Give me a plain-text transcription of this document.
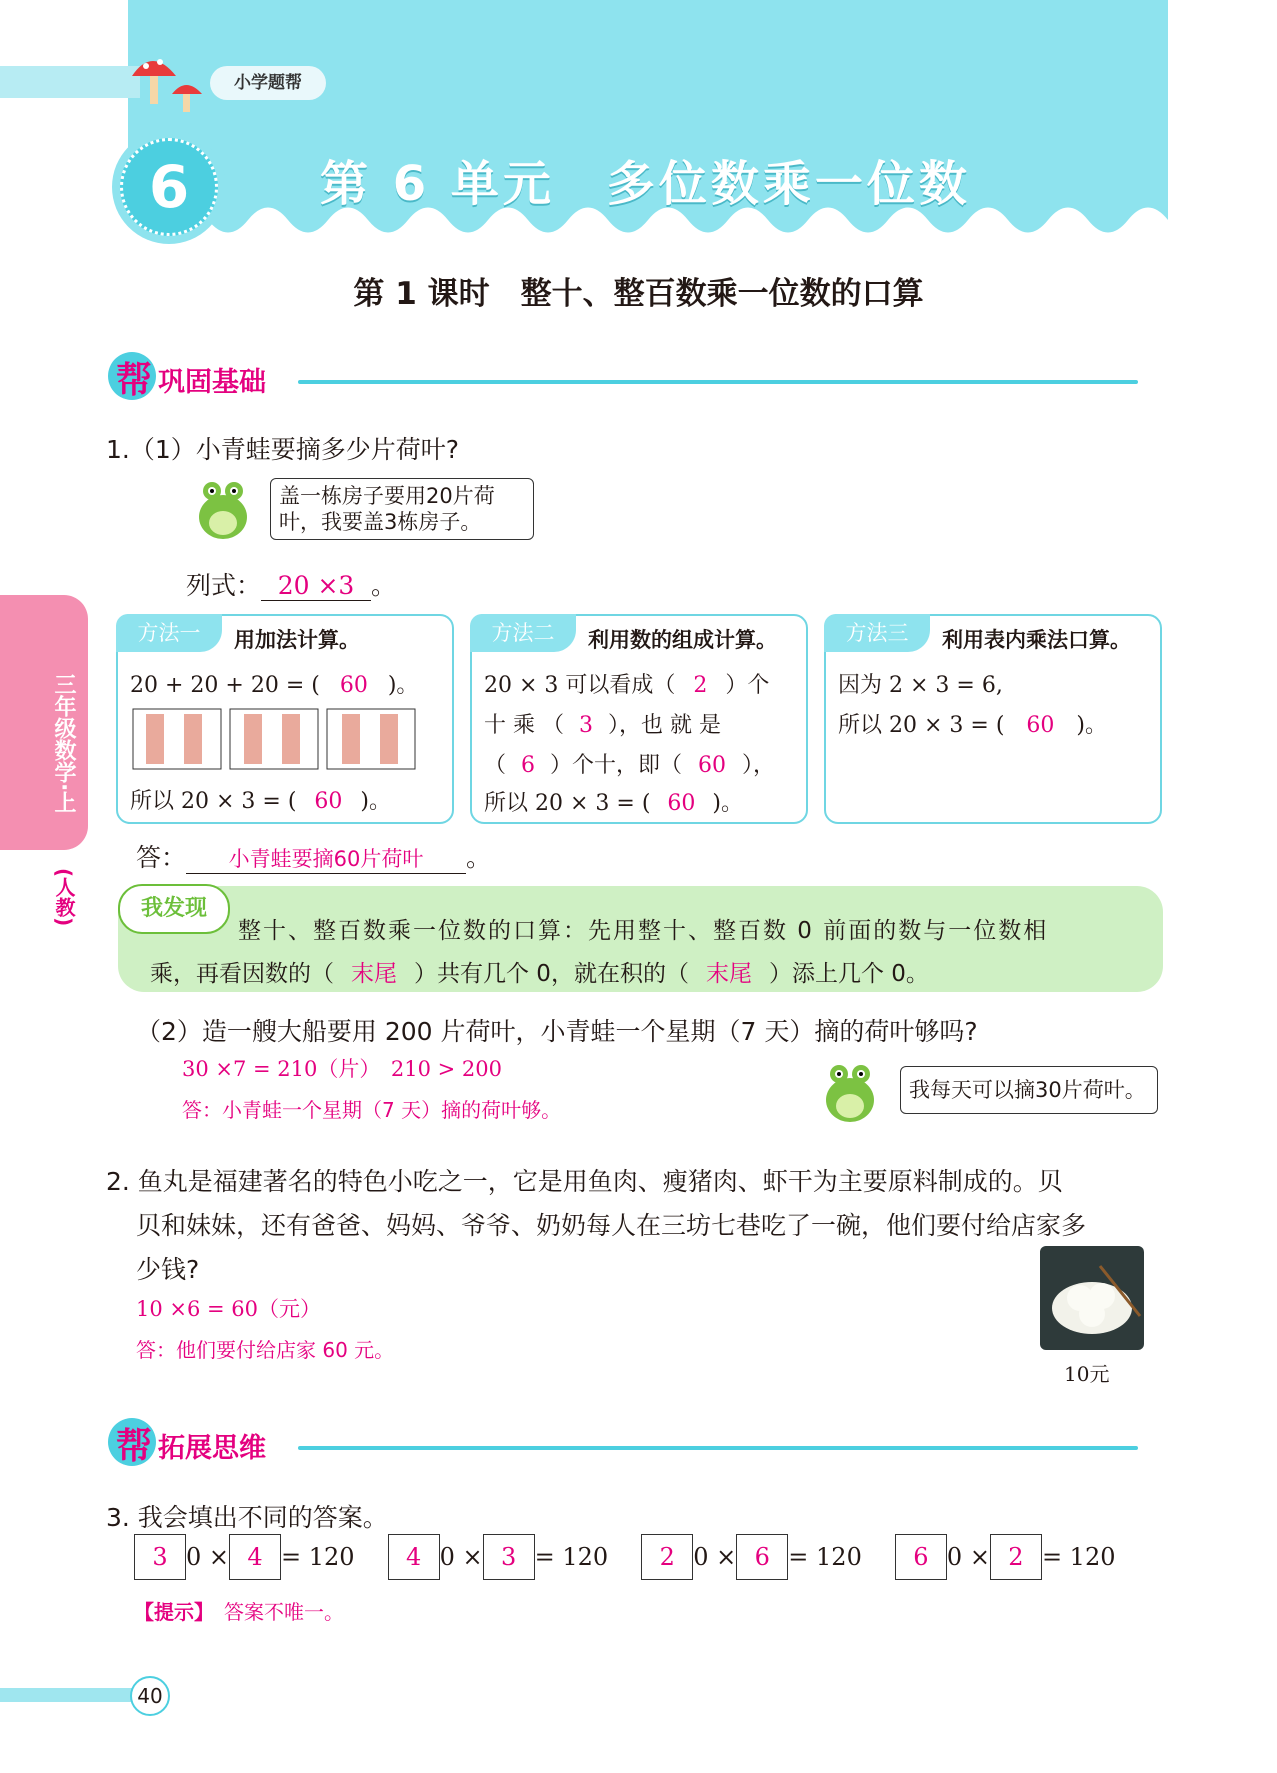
小学题帮
6	第 6 单元　多位数乘一位数
第 1 课时　整十、整百数乘一位数的口算
三年级数学·上
(人教)
帮 巩固基础
1.（1）小青蛙要摘多少片荷叶?
盖一栋房子要用20片荷叶，我要盖3栋房子。
列式： 20 ×3 。
方法一	用加法计算。
20 + 20 + 20 = ( 60 )。
所以 20 × 3 = ( 60 )。
方法二	利用数的组成计算。
20 × 3 可以看成（ 2 ）个
十 乘 （ 3 ），也 就 是
（ 6 ）个十，即（ 60 ），
所以 20 × 3 = ( 60 )。
方法三	利用表内乘法口算。
因为 2 × 3 = 6,
所以 20 × 3 = ( 60 )。
答： 小青蛙要摘60片荷叶 。
我发现
整十、整百数乘一位数的口算：先用整十、整百数 0 前面的数与一位数相
乘，再看因数的（ 末尾 ）共有几个 0，就在积的（ 末尾 ）添上几个 0。
（2）造一艘大船要用 200 片荷叶，小青蛙一个星期（7 天）摘的荷叶够吗?
30 ×7 = 210（片）　210 > 200
答：小青蛙一个星期（7 天）摘的荷叶够。
我每天可以摘30片荷叶。
2. 鱼丸是福建著名的特色小吃之一，它是用鱼肉、瘦猪肉、虾干为主要原料制成的。贝
贝和妹妹，还有爸爸、妈妈、爷爷、奶奶每人在三坊七巷吃了一碗，他们要付给店家多
少钱?
10 ×6 = 60（元）
答：他们要付给店家 60 元。
10元
帮 拓展思维
3. 我会填出不同的答案。
3 0 × 4 = 120 4 0 × 3 = 120 2 0 × 6 = 120 6 0 × 2 = 120
【提示】　 答案不唯一。
40
